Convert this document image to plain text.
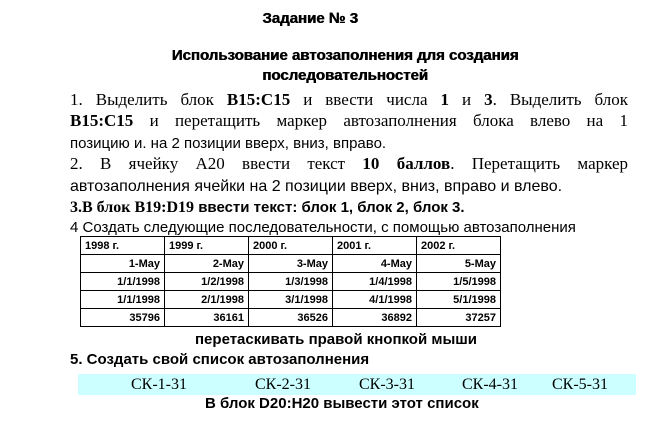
Задание № 3
Использование автозаполнения для создания
последовательностей
1. Выделить блок B15:C15 и ввести числа 1 и 3. Выделить блок
B15:C15 и перетащить маркер автозаполнения блока влево на 1
позицию и. на 2 позиции вверх, вниз, вправо.
2. В ячейку А20 ввести текст 10 баллов. Перетащить маркер
автозаполнения ячейки на 2 позиции вверх, вниз, вправо и влево.
3.В блок B19:D19 ввести текст: блок 1, блок 2, блок 3.
4 Создать следующие последовательности, с помощью автозаполнения
1998 г.	1999 г.	2000 г.	2001 г.	2002 г.
1-May	2-May	3-May	4-May	5-May
1/1/1998	1/2/1998	1/3/1998	1/4/1998	1/5/1998
1/1/1998	2/1/1998	3/1/1998	4/1/1998	5/1/1998
35796	36161	36526	36892	37257
перетаскивать правой кнопкой мыши
5. Создать свой список автозаполнения
СК-1-31	СК-2-31	СК-3-31	СК-4-31 СК-5-31
В блок D20:H20 вывести этот список
